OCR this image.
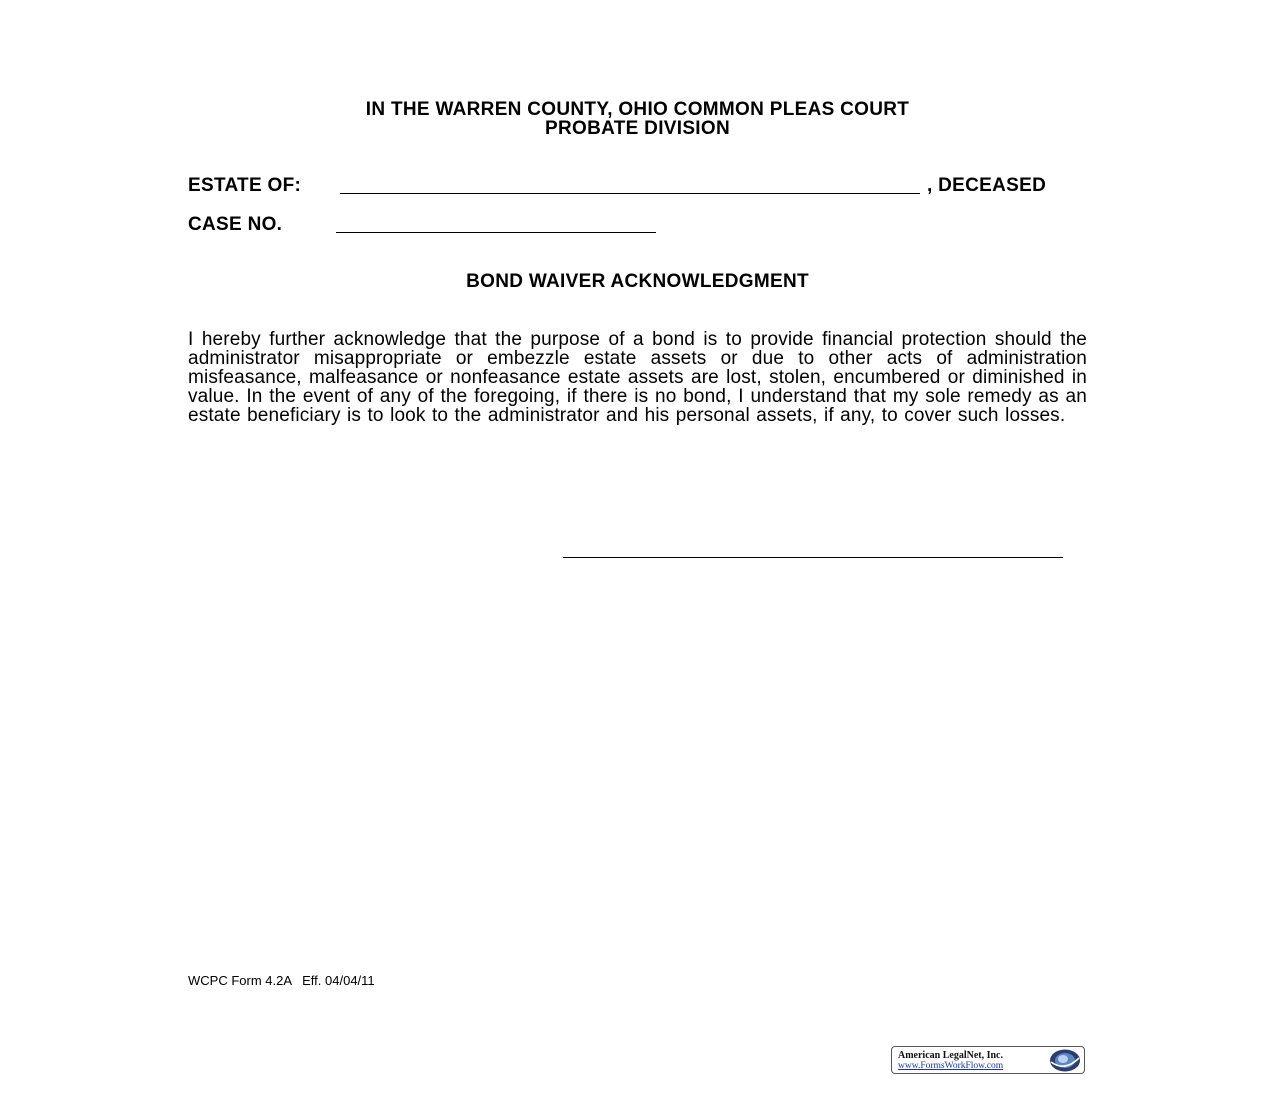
IN THE WARREN COUNTY, OHIO COMMON PLEAS COURT
PROBATE DIVISION
ESTATE OF:	, DECEASED
CASE NO.
BOND WAIVER ACKNOWLEDGMENT
I hereby further acknowledge that the purpose of a bond is to provide financial protection should the administrator misappropriate or embezzle estate assets or due to other acts of administration misfeasance, malfeasance or nonfeasance estate assets are lost, stolen, encumbered or diminished in value. In the event of any of the foregoing, if there is no bond, I understand that my sole remedy as an estate beneficiary is to look to the administrator and his personal assets, if any, to cover such losses.
WCPC Form 4.2A   Eff. 04/04/11
American LegalNet, Inc.
www.FormsWorkFlow.com
